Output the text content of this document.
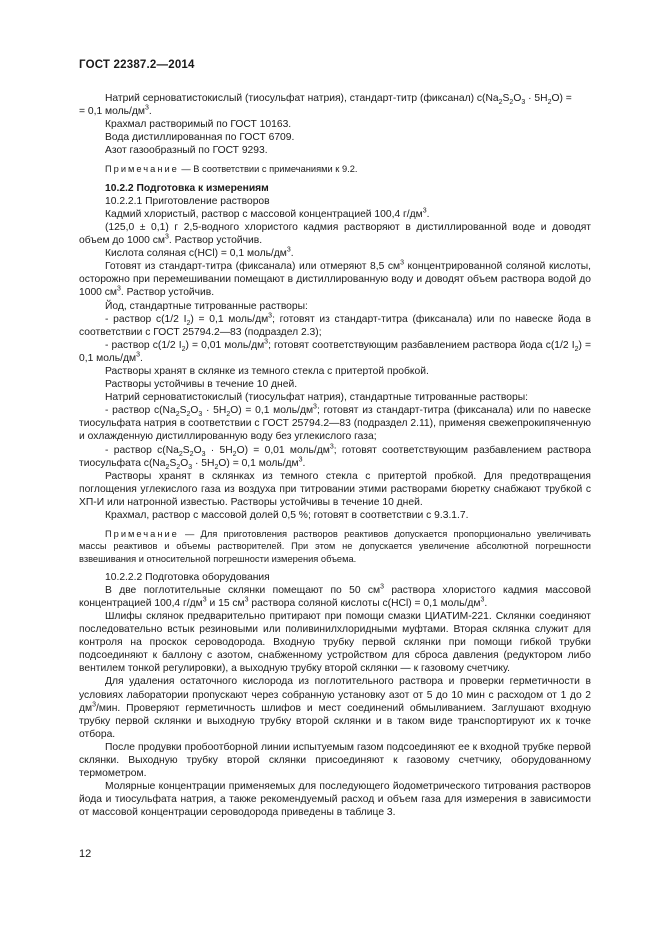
ГОСТ 22387.2—2014

Натрий серноватистокислый (тиосульфат натрия), стандарт-титр (фиксанал) $c(Na_2S_2O_3 \cdot 5H_2O)$ =

= 0,1 моль/$дм^3$.

Крахмал растворимый по ГОСТ 10163.

Вода дистиллированная по ГОСТ 6709.

Азот газообразный по ГОСТ 9293.

Примечание — В соответствии с примечаниями к 9.2.

10.2.2 Подготовка к измерениям

10.2.2.1 Приготовление растворов

Кадмий хлористый, раствор с массовой концентрацией 100,4 $г/дм^3$.

(125,0 ± 0,1) г 2,5-водного хлористого кадмия растворяют в дистиллированной воде и доводят объем до 1000 $см^3$. Раствор устойчив.

Кислота соляная c(HCl) = 0,1 моль/$дм^3$.

Готовят из стандарт-титра (фиксанала) или отмеряют 8,5 $см^3$ концентрированной соляной кислоты, осторожно при перемешивании помещают в дистиллированную воду и доводят объем раствора водой до 1000 $см^3$. Раствор устойчив.

Йод, стандартные титрованные растворы:

- раствор c(1/2 $I_2) = 0,1$ моль/$дм^3$; готовят из стандарт-титра (фиксанала) или по навеске йода в соответствии с ГОСТ 25794.2—83 (подраздел 2.3);

- раствор c(1/2 $I_2) = 0,01$ моль/$дм^3$; готовят соответствующим разбавлением раствора йода c(1/2 $I_2) = 0,1$ моль/$дм^3$.

Растворы хранят в склянке из темного стекла с притертой пробкой.

Растворы устойчивы в течение 10 дней.

Натрий серноватистокислый (тиосульфат натрия), стандартные титрованные растворы:

- раствор $c(Na_2S_2O_3 \cdot 5H_2O) = 0,1$ моль/$дм^3$; готовят из стандарт-титра (фиксанала) или по навеске тиосульфата натрия в соответствии с ГОСТ 25794.2—83 (подраздел 2.11), применяя свежепрокипяченную и охлажденную дистиллированную воду без углекислого газа;

- раствор $c(Na_2S_2O_3 \cdot 5H_2O) = 0,01$ моль/$дм^3$; готовят соответствующим разбавлением раствора тиосульфата $c(Na_2S_2O_3 \cdot 5H_2O) = 0,1$ моль/$дм^3$.

Растворы хранят в склянках из темного стекла с притертой пробкой. Для предотвращения поглощения углекислого газа из воздуха при титровании этими растворами бюретку снабжают трубкой с ХП-И или натронной известью. Растворы устойчивы в течение 10 дней.

Крахмал, раствор с массовой долей 0,5 %; готовят в соответствии с 9.3.1.7.

Примечание — Для приготовления растворов реактивов допускается пропорционально увеличивать массы реактивов и объемы растворителей. При этом не допускается увеличение абсолютной погрешности взвешивания и относительной погрешности измерения объема.

10.2.2.2 Подготовка оборудования

В две поглотительные склянки помещают по 50 $см^3$ раствора хлористого кадмия массовой концентрацией 100,4 $г/дм^3$ и 15 $см^3$ раствора соляной кислоты c(HCl) = 0,1 моль/$дм^3$.

Шлифы склянок предварительно притирают при помощи смазки ЦИАТИМ-221. Склянки соединяют последовательно встык резиновыми или поливинилхлоридными муфтами. Вторая склянка служит для контроля на проскок сероводорода. Входную трубку первой склянки при помощи гибкой трубки подсоединяют к баллону с азотом, снабженному устройством для сброса давления (редуктором либо вентилем тонкой регулировки), а выходную трубку второй склянки — к газовому счетчику.

Для удаления остаточного кислорода из поглотительного раствора и проверки герметичности в условиях лаборатории пропускают через собранную установку азот от 5 до 10 мин с расходом от 1 до 2 $дм^3$/мин. Проверяют герметичность шлифов и мест соединений обмыливанием. Заглушают входную трубку первой склянки и выходную трубку второй склянки и в таком виде транспортируют их к точке отбора.

После продувки пробоотборной линии испытуемым газом подсоединяют ее к входной трубке первой склянки. Выходную трубку второй склянки присоединяют к газовому счетчику, оборудованному термометром.

Молярные концентрации применяемых для последующего йодометрического титрования растворов йода и тиосульфата натрия, а также рекомендуемый расход и объем газа для измерения в зависимости от массовой концентрации сероводорода приведены в таблице 3.

12
